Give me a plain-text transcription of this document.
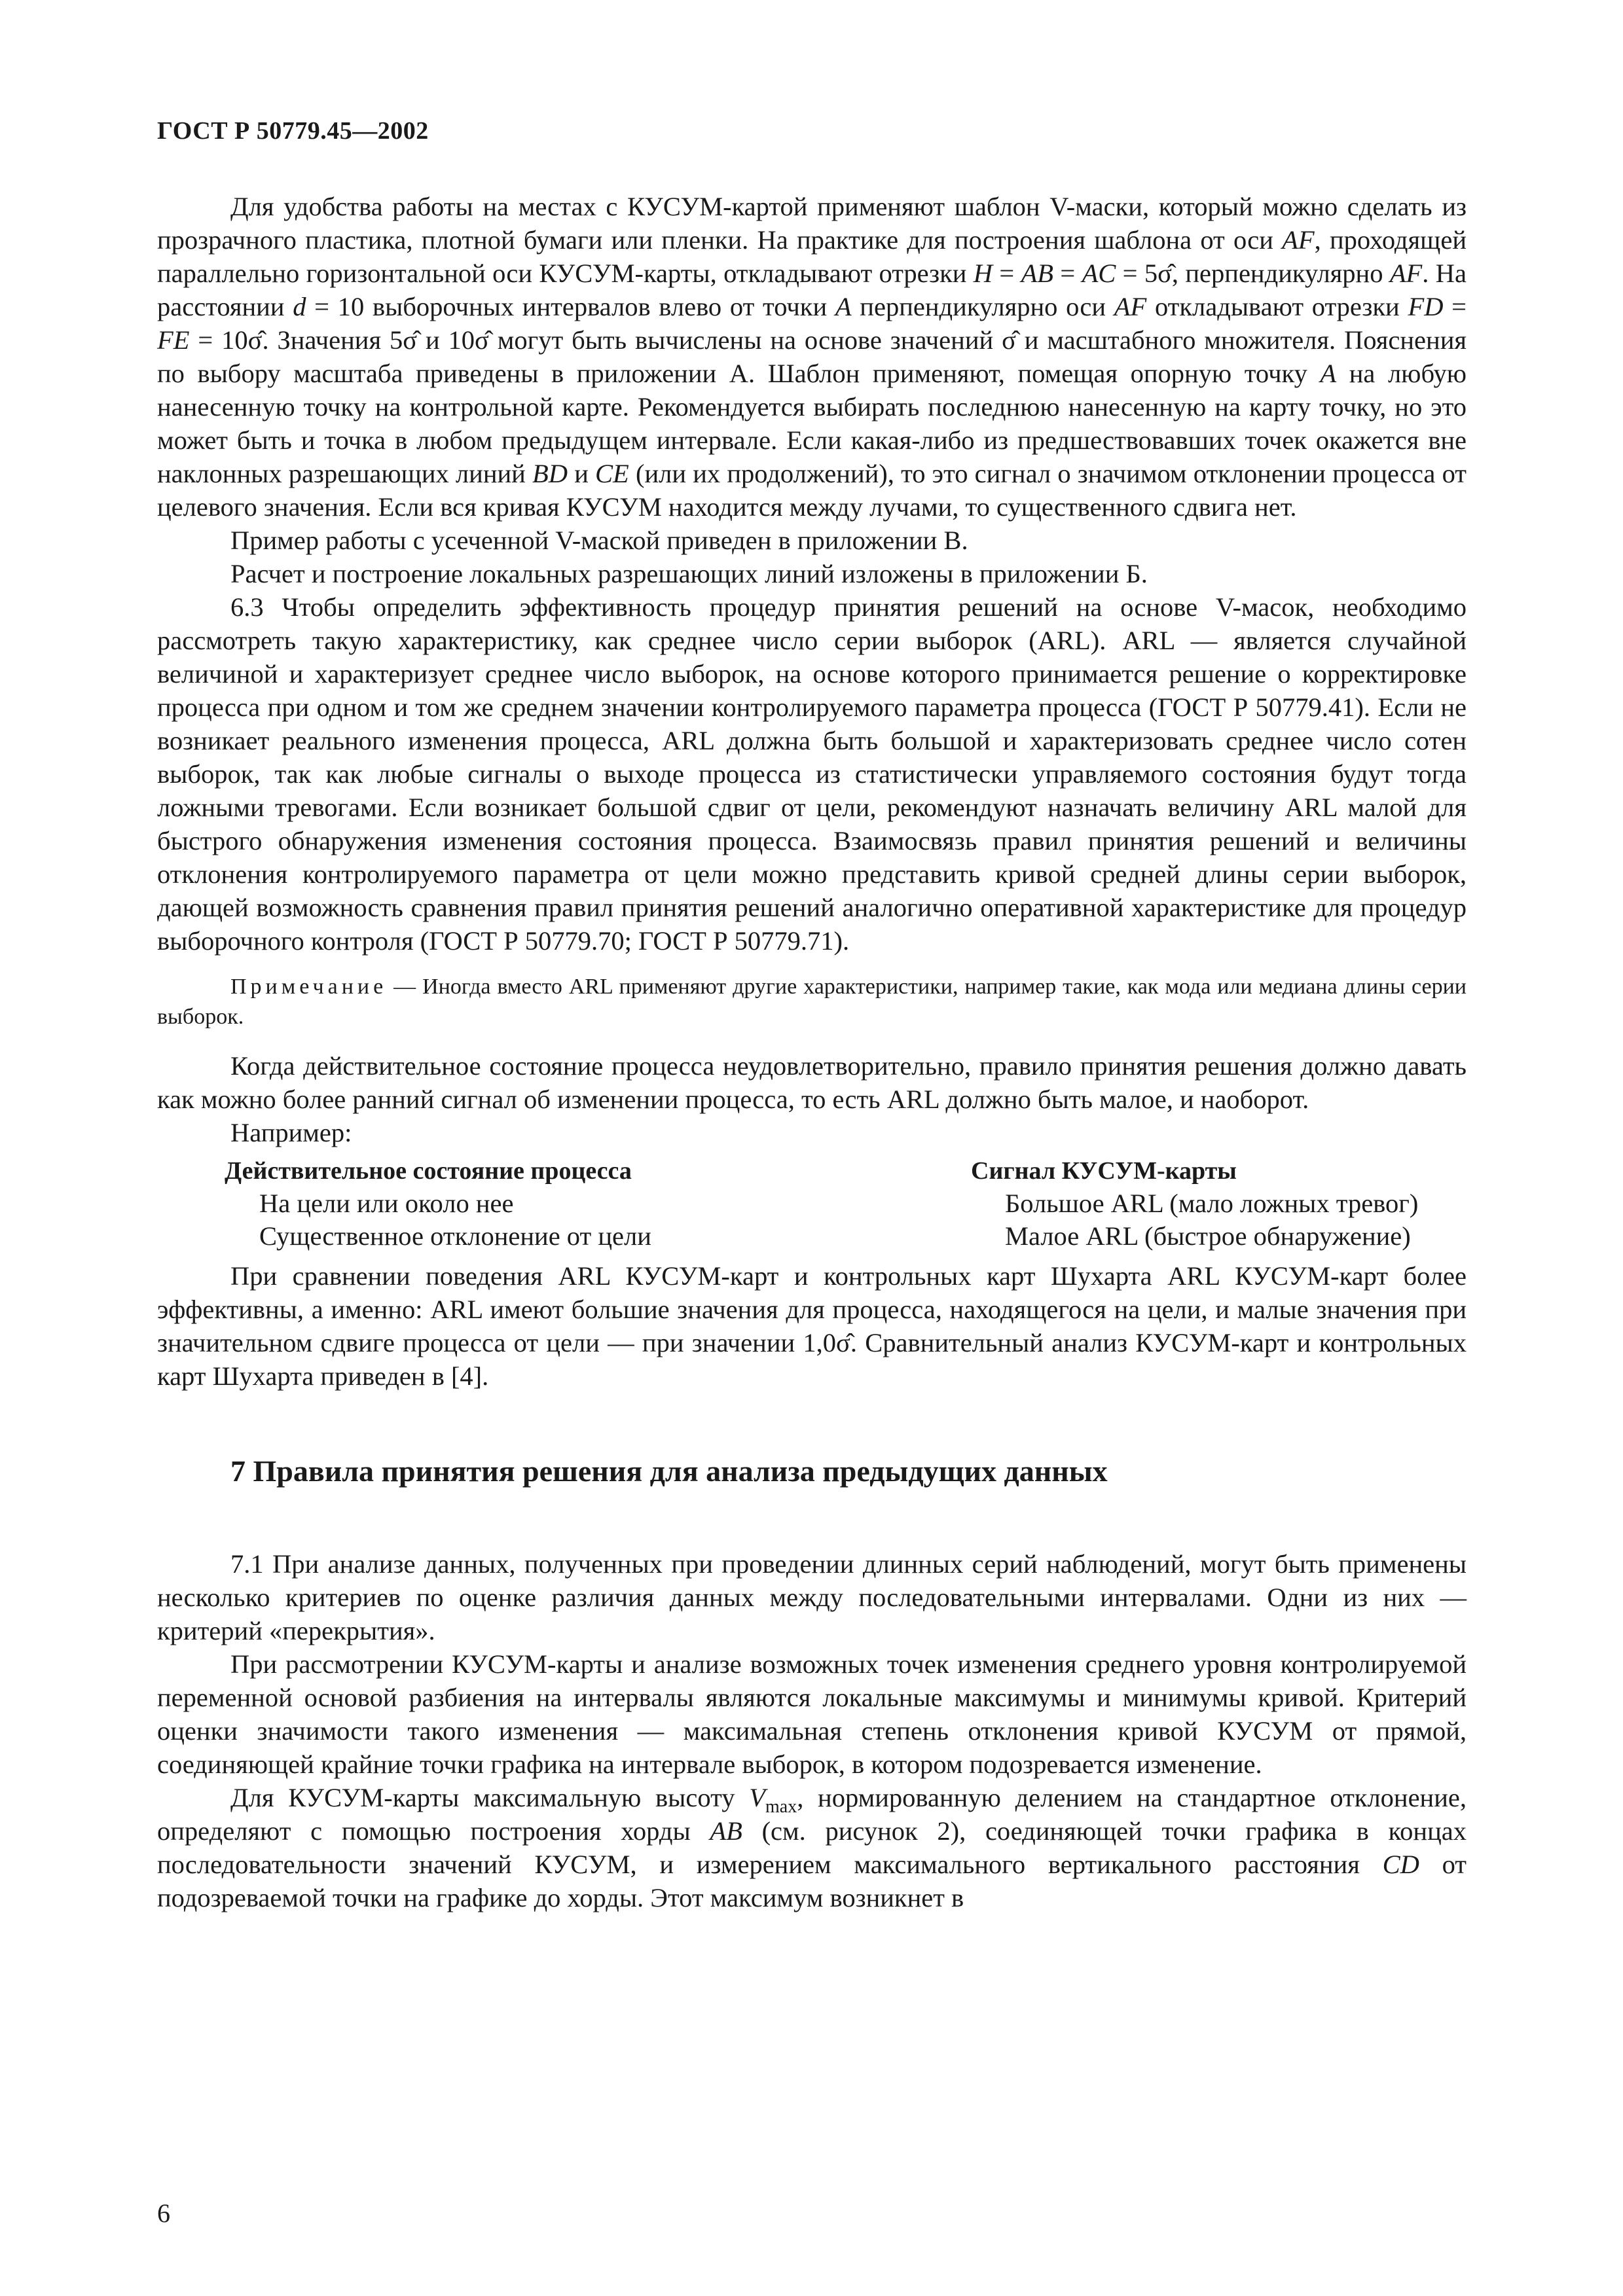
ГОСТ Р 50779.45—2002

Для удобства работы на местах с КУСУМ-картой применяют шаблон V-маски, который можно сделать из прозрачного пластика, плотной бумаги или пленки. На практике для построения шаблона от оси AF, проходящей параллельно горизонтальной оси КУСУМ-карты, откладывают отрезки H = AB = AC = 5σ̂, перпендикулярно AF. На расстоянии d = 10 выборочных интервалов влево от точки A перпендикулярно оси AF откладывают отрезки FD = FE = 10σ̂. Значения 5σ̂ и 10σ̂ могут быть вычислены на основе значений σ̂ и масштабного множителя. Пояснения по выбору масштаба приведены в приложении А. Шаблон применяют, помещая опорную точку A на любую нанесенную точку на контрольной карте. Рекомендуется выбирать последнюю нанесенную на карту точку, но это может быть и точка в любом предыдущем интервале. Если какая-либо из предшествовавших точек окажется вне наклонных разрешающих линий BD и CE (или их продолжений), то это сигнал о значимом отклонении процесса от целевого значения. Если вся кривая КУСУМ находится между лучами, то существенного сдвига нет.

Пример работы с усеченной V-маской приведен в приложении В.

Расчет и построение локальных разрешающих линий изложены в приложении Б.

6.3 Чтобы определить эффективность процедур принятия решений на основе V-масок, необходимо рассмотреть такую характеристику, как среднее число серии выборок (ARL). ARL — является случайной величиной и характеризует среднее число выборок, на основе которого принимается решение о корректировке процесса при одном и том же среднем значении контролируемого параметра процесса (ГОСТ Р 50779.41). Если не возникает реального изменения процесса, ARL должна быть большой и характеризовать среднее число сотен выборок, так как любые сигналы о выходе процесса из статистически управляемого состояния будут тогда ложными тревогами. Если возникает большой сдвиг от цели, рекомендуют назначать величину ARL малой для быстрого обнаружения изменения состояния процесса. Взаимосвязь правил принятия решений и величины отклонения контролируемого параметра от цели можно представить кривой средней длины серии выборок, дающей возможность сравнения правил принятия решений аналогично оперативной характеристике для процедур выборочного контроля (ГОСТ Р 50779.70; ГОСТ Р 50779.71).

Примечание — Иногда вместо ARL применяют другие характеристики, например такие, как мода или медиана длины серии выборок.

Когда действительное состояние процесса неудовлетворительно, правило принятия решения должно давать как можно более ранний сигнал об изменении процесса, то есть ARL должно быть малое, и наоборот.

Например:

Действительное состояние процесса	Сигнал КУСУМ-карты
На цели или около нее	Большое ARL (мало ложных тревог)
Существенное отклонение от цели	Малое ARL (быстрое обнаружение)

При сравнении поведения ARL КУСУМ-карт и контрольных карт Шухарта ARL КУСУМ-карт более эффективны, а именно: ARL имеют большие значения для процесса, находящегося на цели, и малые значения при значительном сдвиге процесса от цели — при значении 1,0σ̂. Сравнительный анализ КУСУМ-карт и контрольных карт Шухарта приведен в [4].

7 Правила принятия решения для анализа предыдущих данных

7.1 При анализе данных, полученных при проведении длинных серий наблюдений, могут быть применены несколько критериев по оценке различия данных между последовательными интервалами. Одни из них — критерий «перекрытия».

При рассмотрении КУСУМ-карты и анализе возможных точек изменения среднего уровня контролируемой переменной основой разбиения на интервалы являются локальные максимумы и минимумы кривой. Критерий оценки значимости такого изменения — максимальная степень отклонения кривой КУСУМ от прямой, соединяющей крайние точки графика на интервале выборок, в котором подозревается изменение.

Для КУСУМ-карты максимальную высоту $V_{max}$, нормированную делением на стандартное отклонение, определяют с помощью построения хорды AB (см. рисунок 2), соединяющей точки графика в концах последовательности значений КУСУМ, и измерением максимального вертикального расстояния CD от подозреваемой точки на графике до хорды. Этот максимум возникнет в

6
